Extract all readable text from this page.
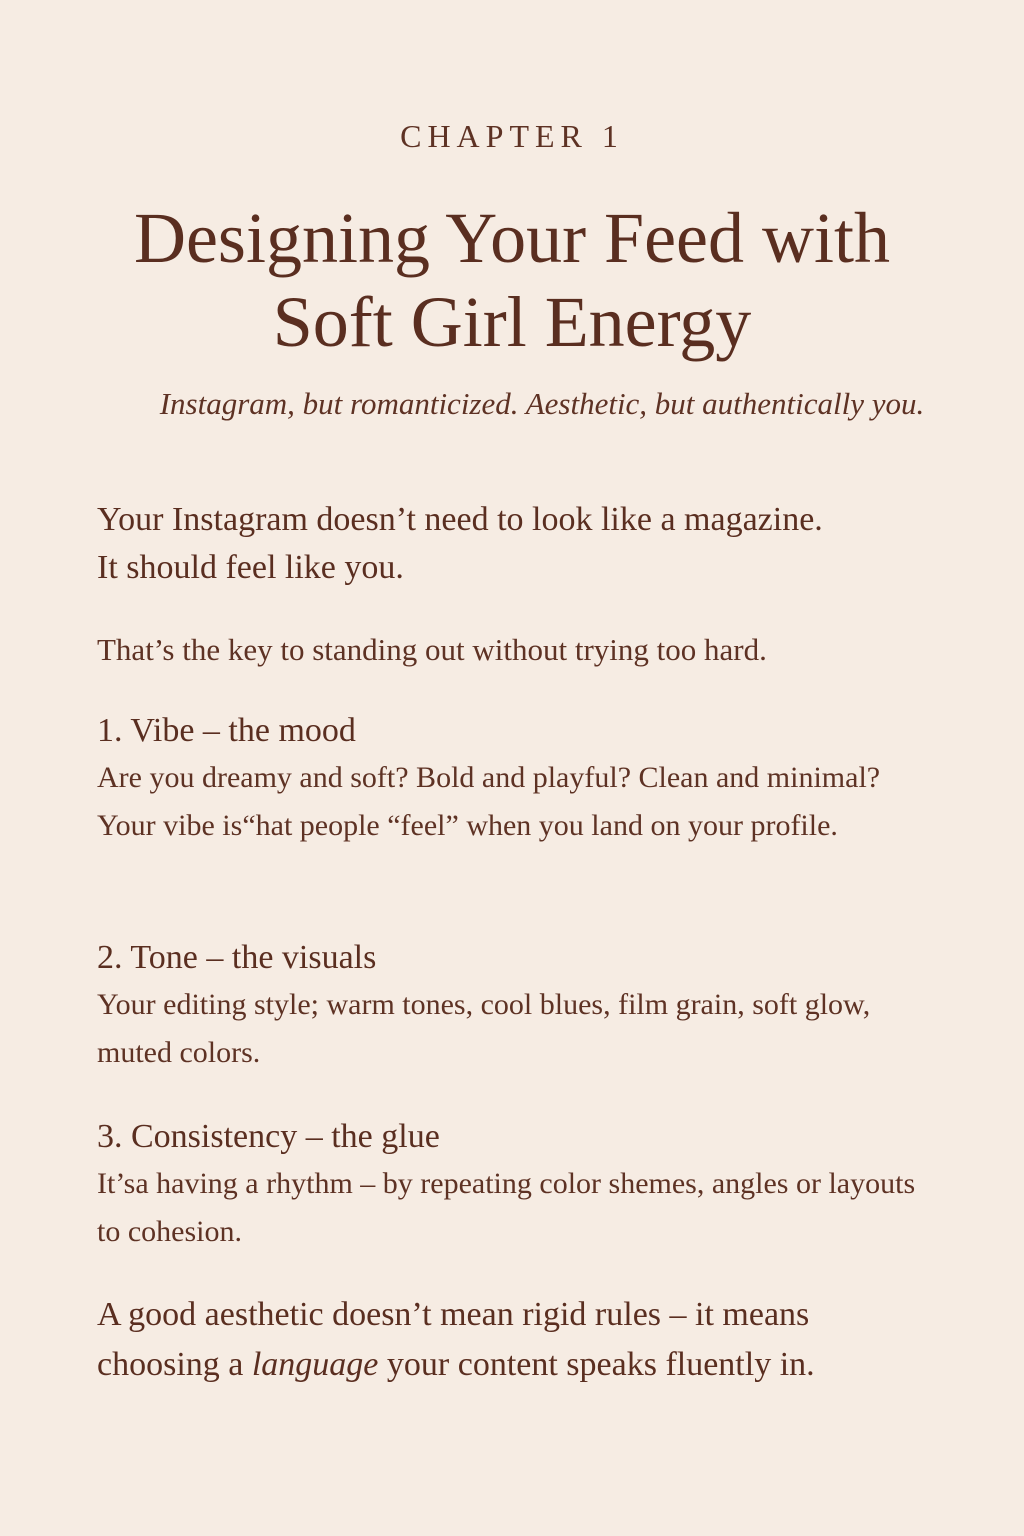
CHAPTER 1
Designing Your Feed with
Soft Girl Energy
Instagram, but romanticized. Aesthetic, but authentically you.
Your Instagram doesn’t need to look like a magazine.
It should feel like you.
That’s the key to standing out without trying too hard.
1. Vibe – the mood
Are you dreamy and soft? Bold and playful? Clean and minimal? Your vibe is“hat people “feel” when you land on your profile.
2. Tone – the visuals
Your editing style; warm tones, cool blues, film grain, soft glow, muted colors.
3. Consistency – the glue
It’sa having a rhythm – by repeating color shemes, angles or layouts to cohesion.
A good aesthetic doesn’t mean rigid rules – it means choosing a language your content speaks fluently in.
